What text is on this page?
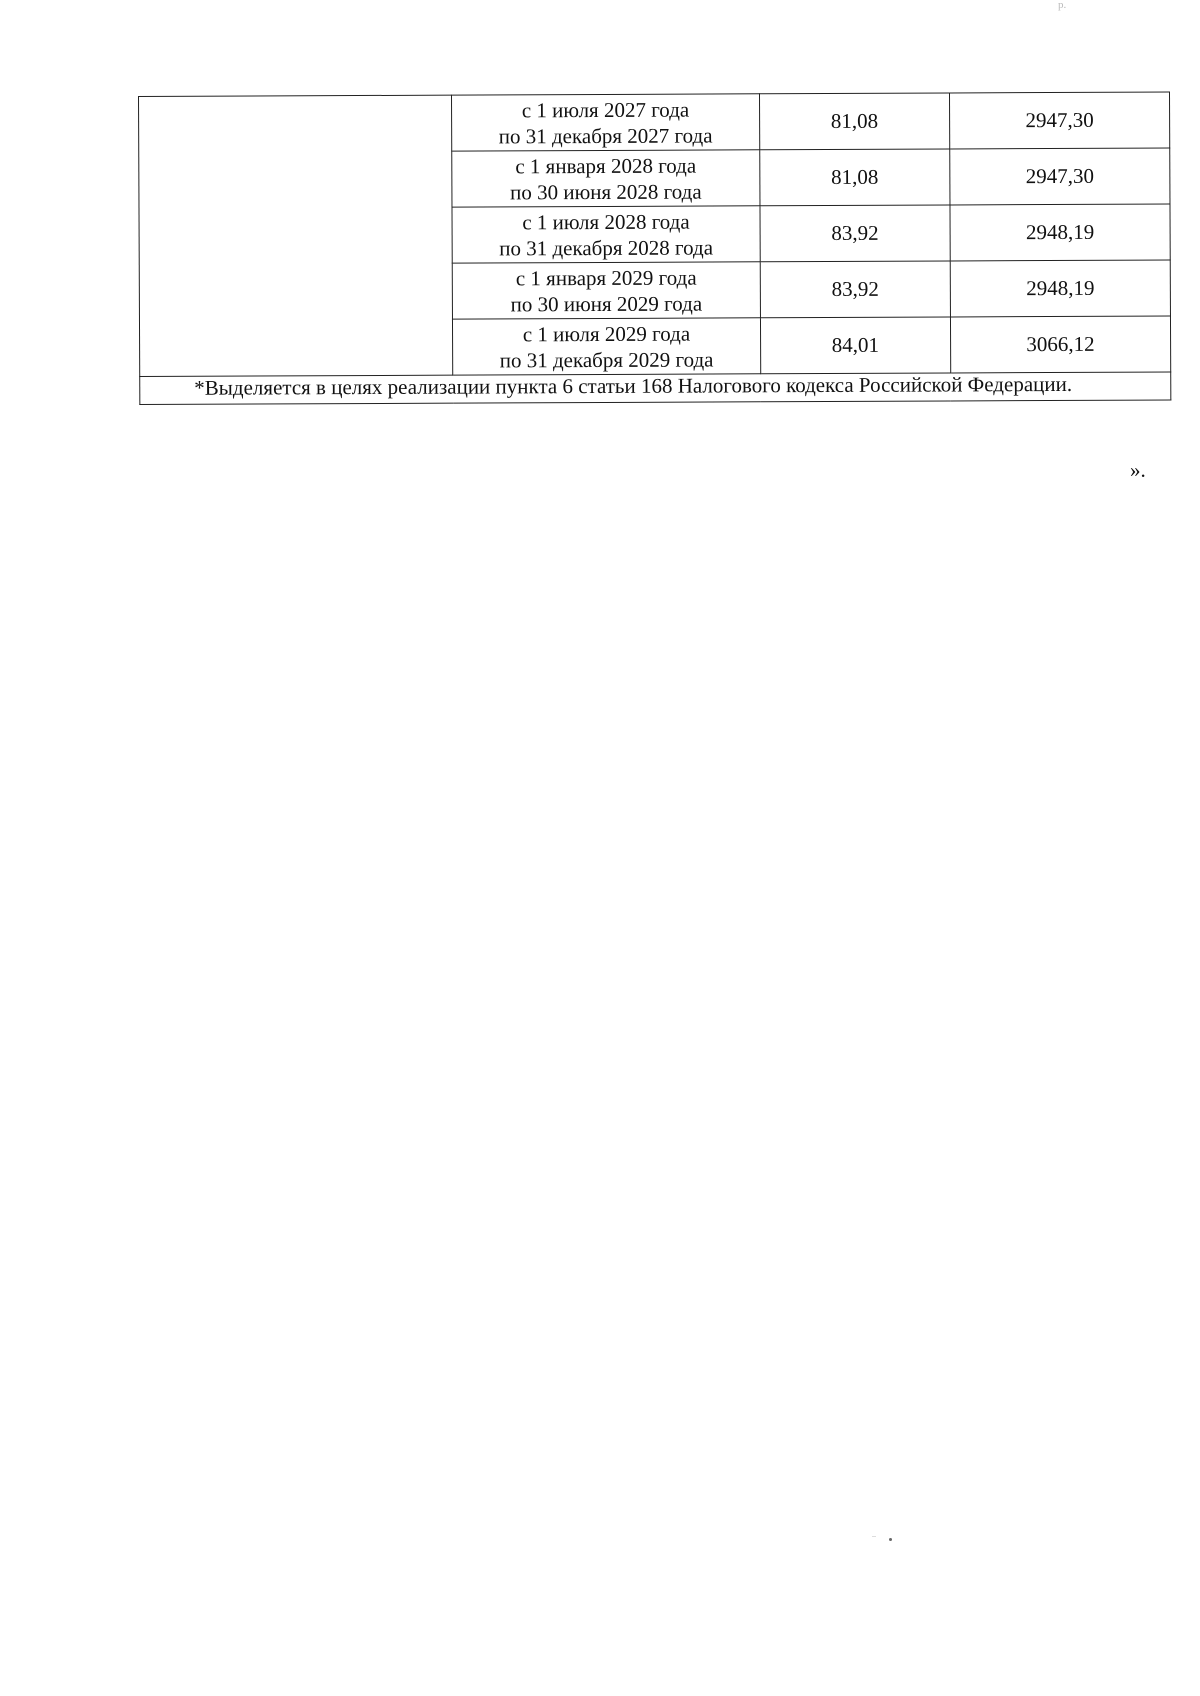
р.

	с 1 июля 2027 года
по 31 декабря 2027 года	81,08	2947,30

	с 1 января 2028 года
по 30 июня 2028 года	81,08	2947,30

	с 1 июля 2028 года
по 31 декабря 2028 года	83,92	2948,19

	с 1 января 2029 года
по 30 июня 2029 года	83,92	2948,19

	с 1 июля 2029 года
по 31 декабря 2029 года	84,01	3066,12

*Выделяется в целях реализации пункта 6 статьи 168 Налогового кодекса Российской Федерации.			
».
